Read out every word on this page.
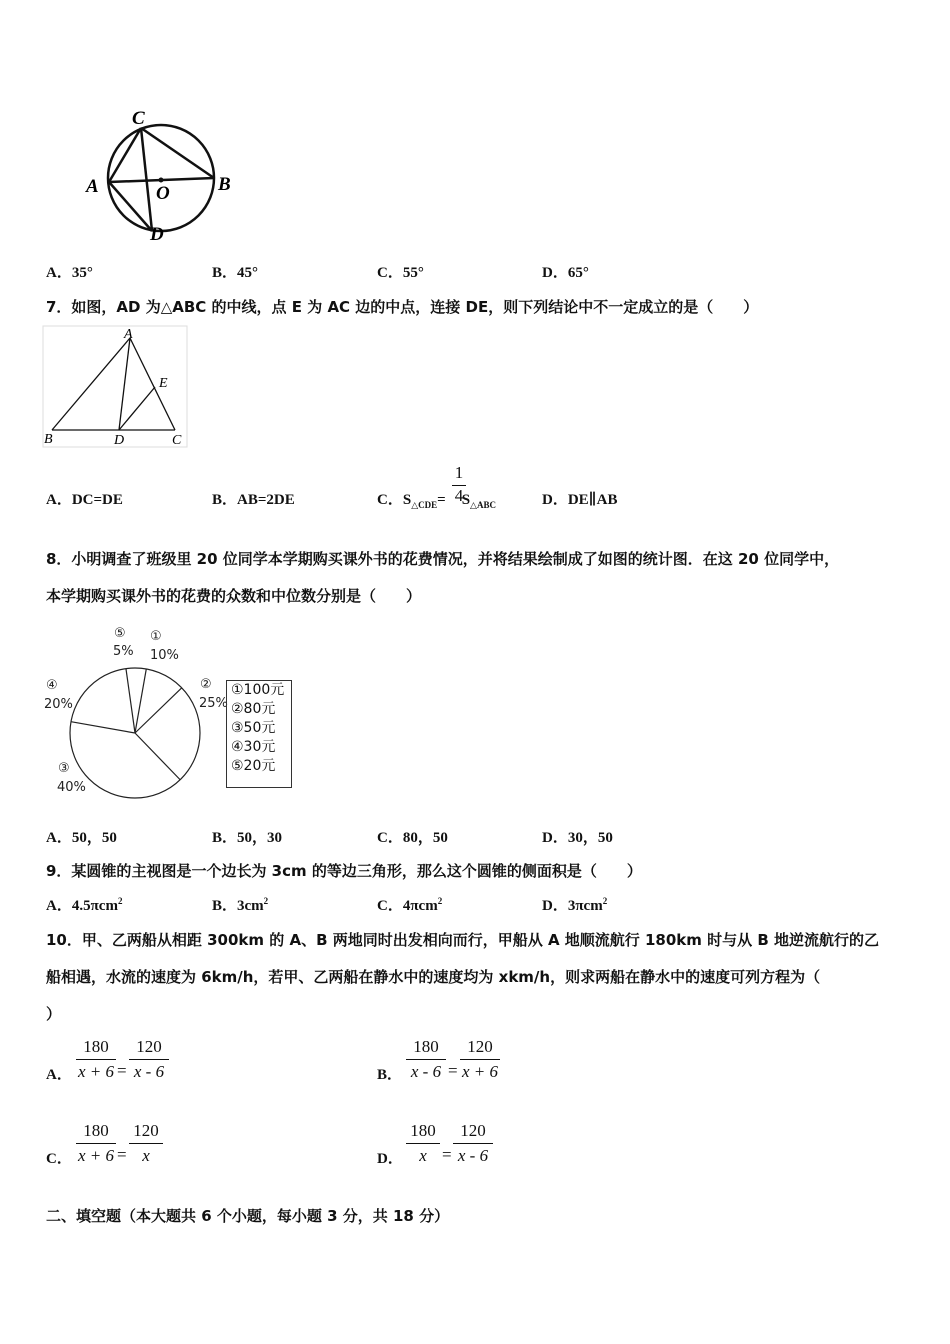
C
A	O	B
D
A．35°	B．45°	C．55°	D．65°
7．如图，AD 为△ABC 的中线，点 E 为 AC 边的中点，连接 DE，则下列结论中不一定成立的是（　　）
A
E
B	D	C
A．DC=DE	B．AB=2DE	C．$S_{\triangle CDE}= S_{\triangle ABC}$
$\frac{1}{4}$	D．DE∥AB
8．小明调查了班级里 20 位同学本学期购买课外书的花费情况，并将结果绘制成了如图的统计图．在这 20 位同学中，
本学期购买课外书的花费的众数和中位数分别是（　　）
⑤
5%
①
10%
②
25%
③
40%
④
20%
①100元
②80元
③50元
④30元
⑤20元
A．50，50	B．50，30	C．80，50	D．30，50
9．某圆锥的主视图是一个边长为 3cm 的等边三角形，那么这个圆锥的侧面积是（　　）
A．4.5πcm$^2$	B．$3cm^2$	C．4πcm$^2$	D．3πcm$^2$
10．甲、乙两船从相距 300km 的 A、B 两地同时出发相向而行，甲船从 A 地顺流航行 180km 时与从 B 地逆流航行的乙
船相遇，水流的速度为 6km/h，若甲、乙两船在静水中的速度均为 xkm/h，则求两船在静水中的速度可列方程为（
）
A． $\frac{180}{x + 6} = \frac{120}{x - 6}$	B． $\frac{180}{x - 6} = \frac{120}{x + 6}$
C． $\frac{180}{x + 6} = \frac{120}{x}$	D． $\frac{180}{x} = \frac{120}{x - 6}$
二、填空题（本大题共 6 个小题，每小题 3 分，共 18 分）
